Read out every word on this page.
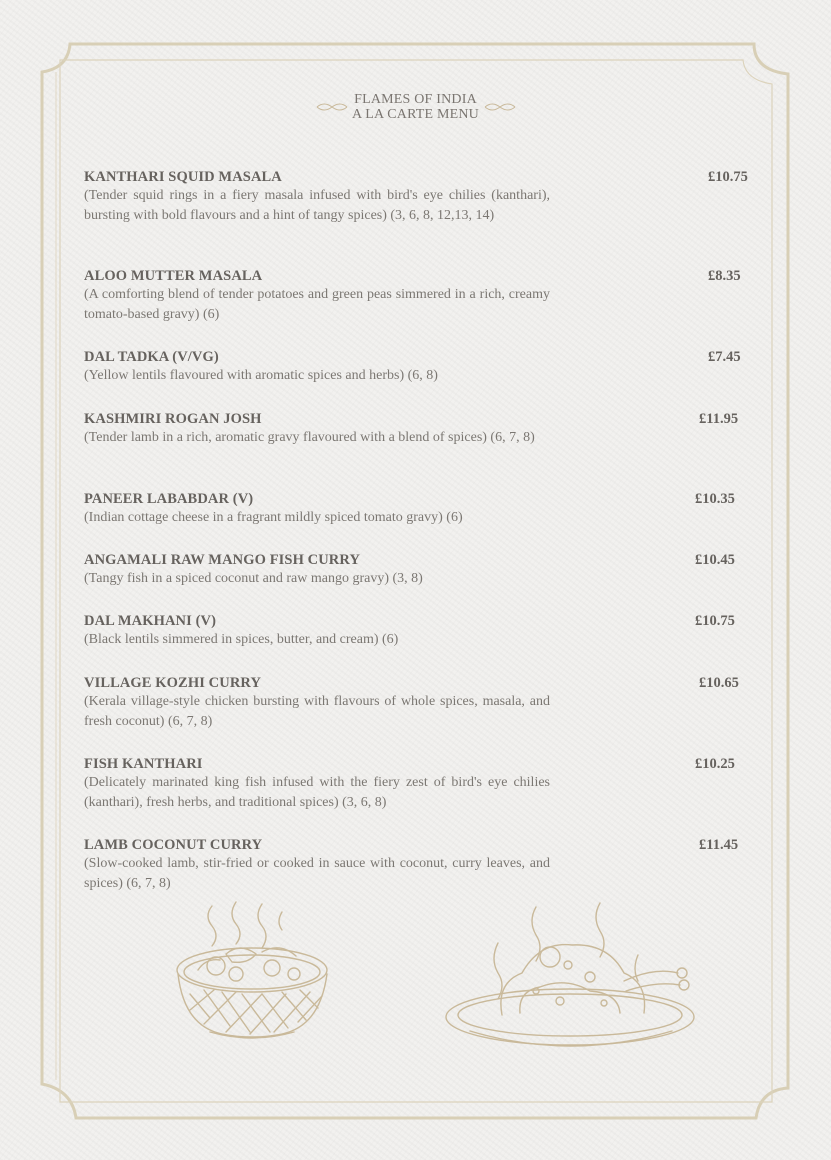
FLAMES OF INDIA
A LA CARTE MENU
KANTHARI SQUID MASALA
(Tender squid rings in a fiery masala infused with bird's eye chilies (kanthari), bursting with bold flavours and a hint of tangy spices) (3, 6, 8, 12,13, 14)
£10.75
ALOO MUTTER MASALA
(A comforting blend of tender potatoes and green peas simmered in a rich, creamy tomato-based gravy) (6)
£8.35
DAL TADKA (V/VG)
(Yellow lentils flavoured with aromatic spices and herbs) (6, 8)
£7.45
KASHMIRI ROGAN JOSH
(Tender lamb in a rich, aromatic gravy flavoured with a blend of spices) (6, 7, 8)
£11.95
PANEER LABABDAR (V)
(Indian cottage cheese in a fragrant mildly spiced tomato gravy) (6)
£10.35
ANGAMALI RAW MANGO FISH CURRY
(Tangy fish in a spiced coconut and raw mango gravy) (3, 8)
£10.45
DAL MAKHANI (V)
(Black lentils simmered in spices, butter, and cream) (6)
£10.75
VILLAGE KOZHI CURRY
(Kerala village-style chicken bursting with flavours of whole spices, masala, and fresh coconut) (6, 7, 8)
£10.65
FISH KANTHARI
(Delicately marinated king fish infused with the fiery zest of bird's eye chilies (kanthari), fresh herbs, and traditional spices) (3, 6, 8)
£10.25
LAMB COCONUT CURRY
(Slow-cooked lamb, stir-fried or cooked in sauce with coconut, curry leaves, and spices) (6, 7, 8)
£11.45
